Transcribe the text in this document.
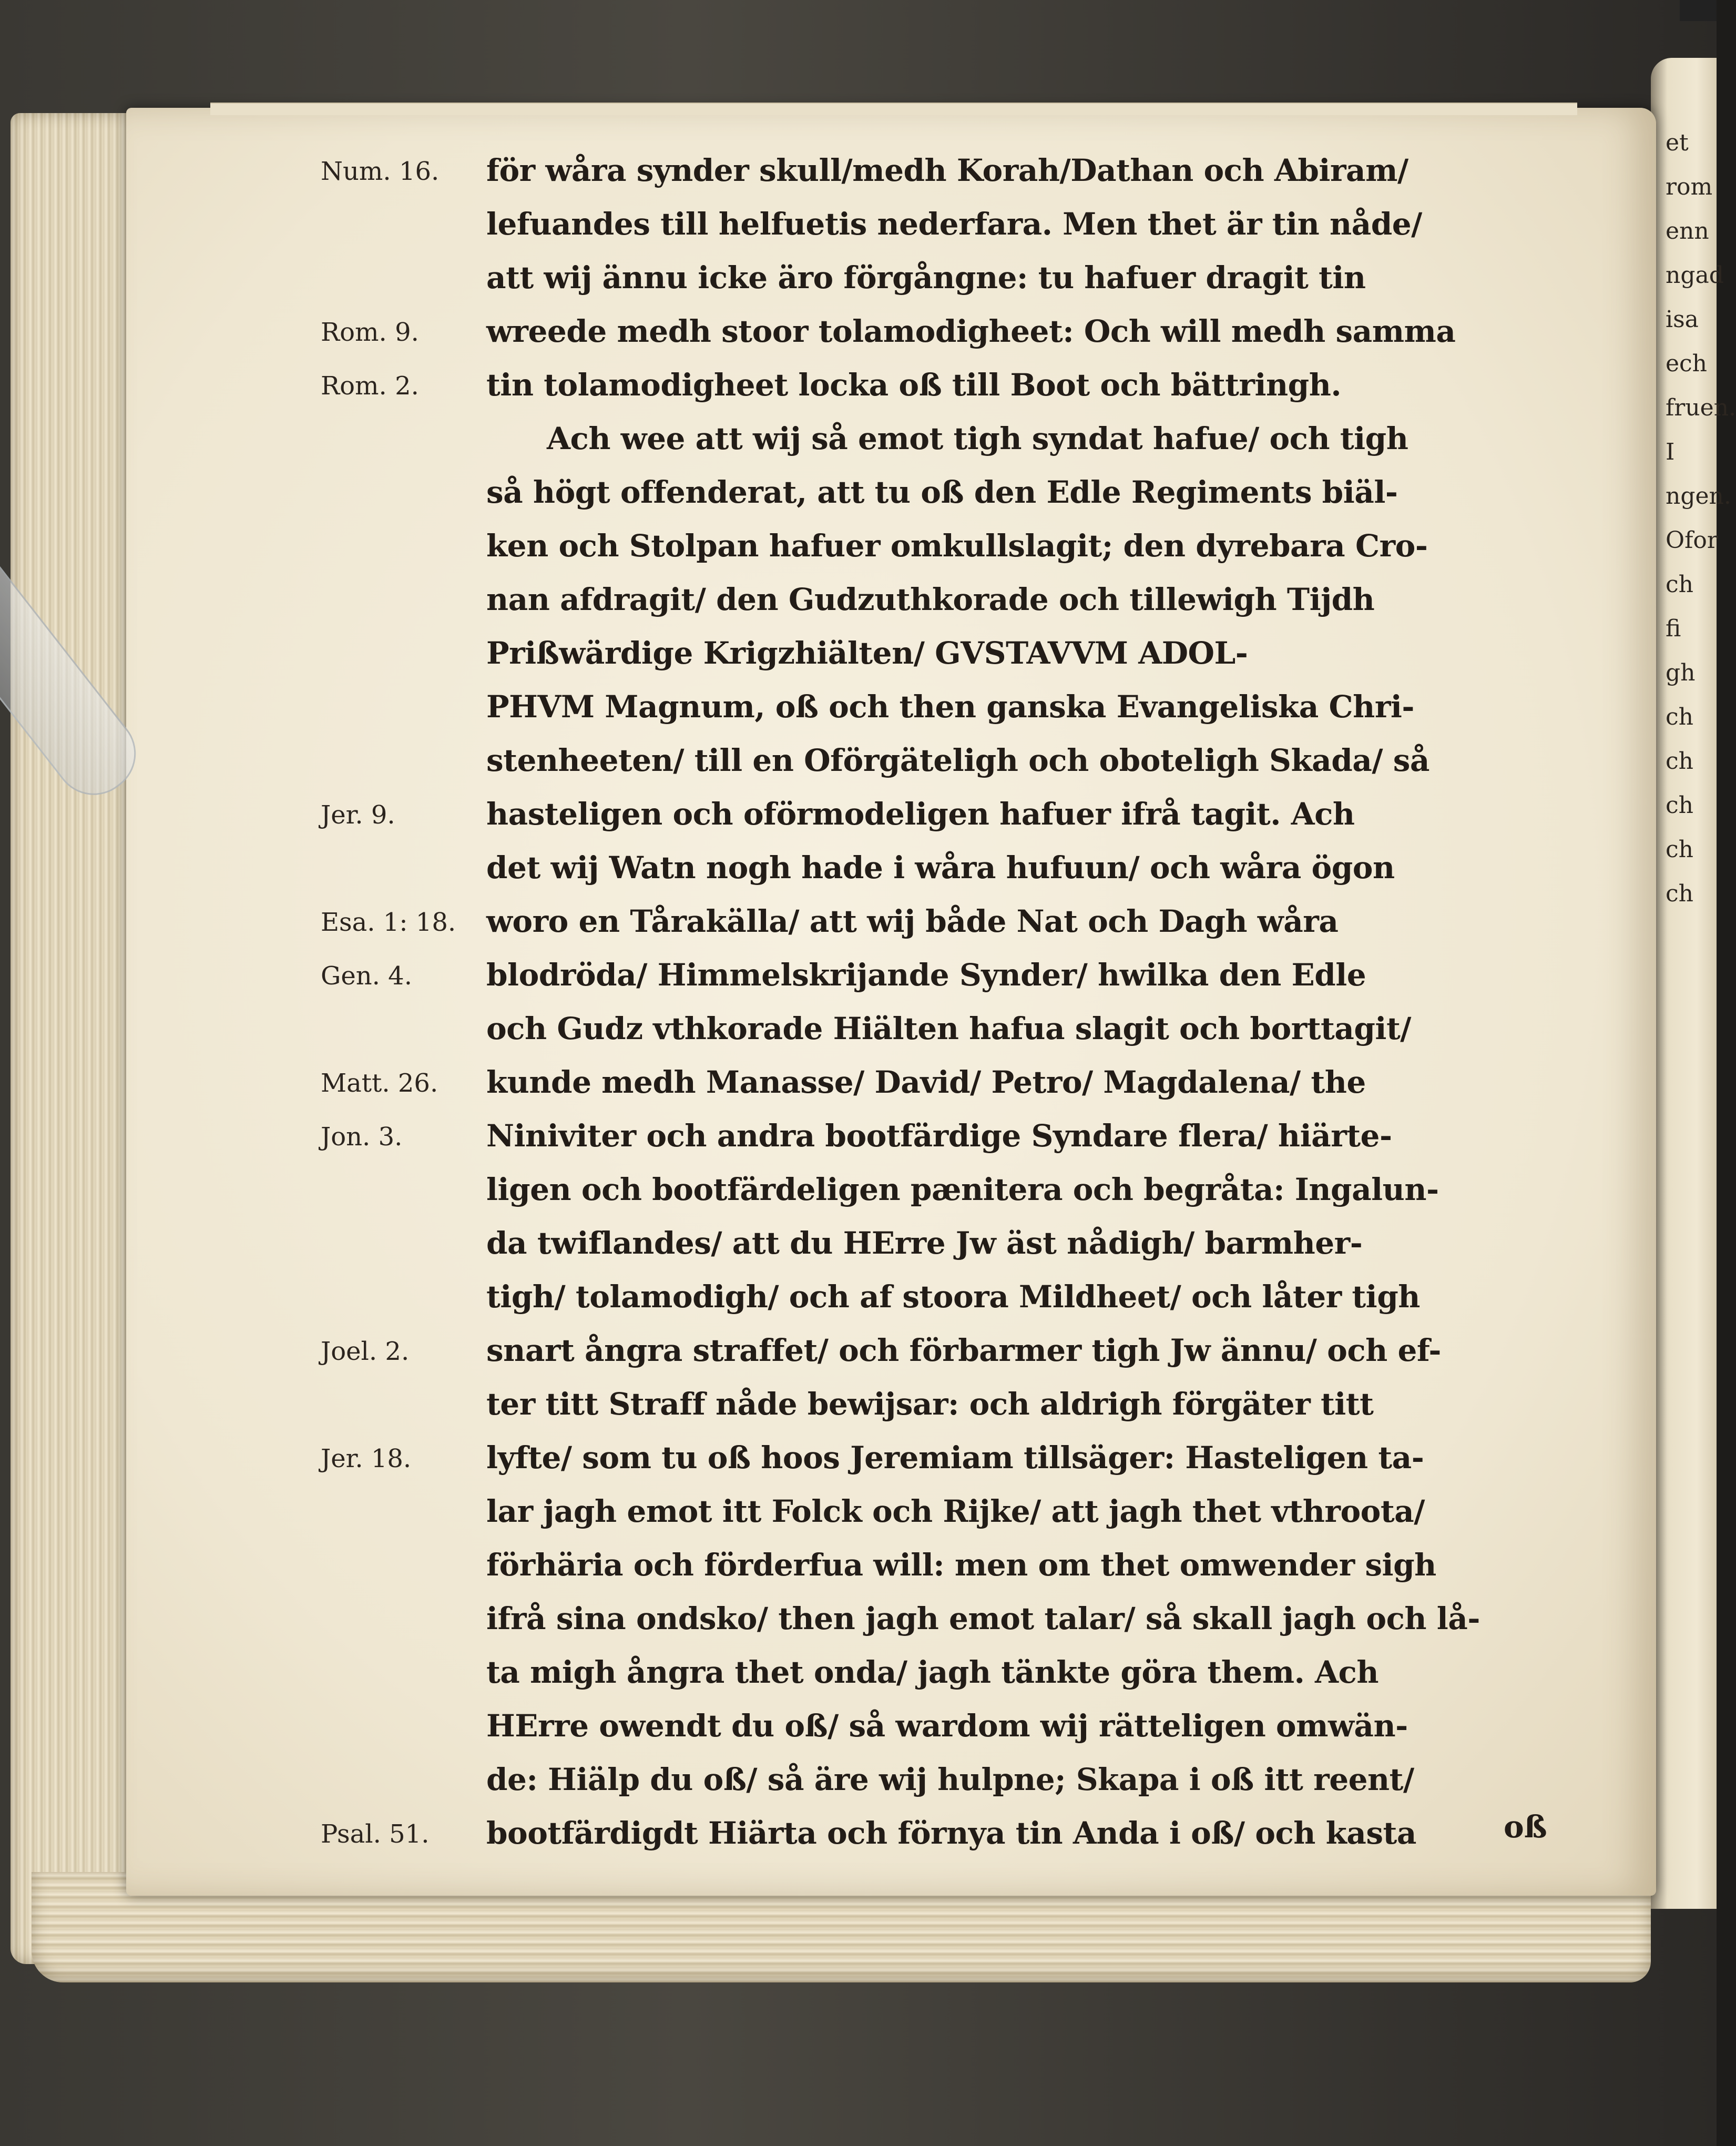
et
rom
enn
ngad
isa
ech
fruen.
I
ngen.
Ofor
ch
fi
gh
ch
ch
ch
ch
ch
oß
för wåra synder skull/medh Korah/Dathan och Abiram/
lefuandes till helfuetis nederfara. Men thet är tin nåde/
att wij ännu icke äro förgångne: tu hafuer dragit tin
wreede medh stoor tolamodigheet: Och will medh samma
tin tolamodigheet locka oß till Boot och bättringh.
Ach wee att wij så emot tigh syndat hafue/ och tigh
så högt offenderat, att tu oß den Edle Regiments biäl-
ken och Stolpan hafuer omkullslagit; den dyrebara Cro-
nan afdragit/ den Gudzuthkorade och tillewigh Tijdh
Prißwärdige Krigzhiälten/ GVSTAVVM ADOL-
PHVM Magnum, oß och then ganska Evangeliska Chri-
stenheeten/ till en Oförgäteligh och oboteligh Skada/ så
hasteligen och oförmodeligen hafuer ifrå tagit. Ach
det wij Watn nogh hade i wåra hufuun/ och wåra ögon
woro en Tårakälla/ att wij både Nat och Dagh wåra
blodröda/ Himmelskrijande Synder/ hwilka den Edle
och Gudz vthkorade Hiälten hafua slagit och borttagit/
kunde medh Manasse/ David/ Petro/ Magdalena/ the
Niniviter och andra bootfärdige Syndare flera/ hiärte-
ligen och bootfärdeligen pænitera och begråta: Ingalun-
da twiflandes/ att du HErre Jw äst nådigh/ barmher-
tigh/ tolamodigh/ och af stoora Mildheet/ och låter tigh
snart ångra straffet/ och förbarmer tigh Jw ännu/ och ef-
ter titt Straff nåde bewijsar: och aldrigh förgäter titt
lyfte/ som tu oß hoos Jeremiam tillsäger: Hasteligen ta-
lar jagh emot itt Folck och Rijke/ att jagh thet vthroota/
förhäria och förderfua will: men om thet omwender sigh
ifrå sina ondsko/ then jagh emot talar/ så skall jagh och lå-
ta migh ångra thet onda/ jagh tänkte göra them. Ach
HErre owendt du oß/ så wardom wij rätteligen omwän-
de: Hiälp du oß/ så äre wij hulpne; Skapa i oß itt reent/
bootfärdigdt Hiärta och förnya tin Anda i oß/ och kasta
Num. 16.
Rom. 9.
Rom. 2.
Jer. 9.
Esa. 1: 18.
Gen. 4.
Matt. 26.
Jon. 3.
Joel. 2.
Jer. 18.
Psal. 51.
